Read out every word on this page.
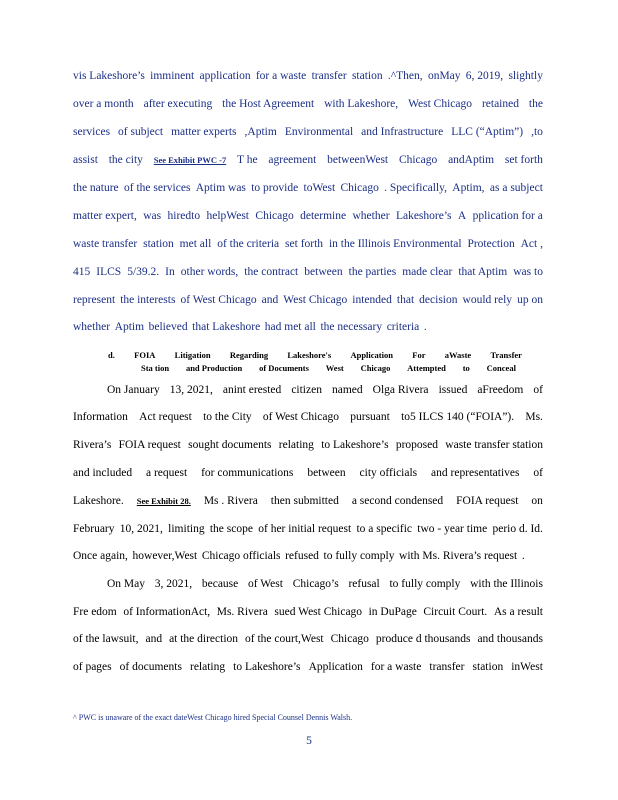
vis Lakeshore’s imminent application for a waste transfer station .^Then, onMay 6, 2019, slightly
over a month after executing the Host Agreement with Lakeshore, West Chicago retained the
services of subject matter experts ,Aptim Environmental and Infrastructure LLC (“Aptim”) ,to
assist the city See Exhibit PWC -7 T he agreement betweenWest Chicago andAptim set forth
the nature of the services Aptim was to provide toWest Chicago . Specifically, Aptim, as a subject
matter expert, was hiredto helpWest Chicago determine whether Lakeshore’s A pplication for a
waste transfer station met all of the criteria set forth in the Illinois Environmental Protection Act ,
415 ILCS 5/39.2. In other words, the contract between the parties made clear that Aptim was to
represent the interests of West Chicago and West Chicago intended that decision would rely up on
whether Aptim believed that Lakeshore had met all the necessary criteria .
d. FOIA Litigation Regarding Lakeshore's Application For aWaste Transfer
Sta tion and Production of Documents West Chicago Attempted to Conceal
On January 13, 2021, anint erested citizen named Olga Rivera issued aFreedom of
Information Act request to the City of West Chicago pursuant to5 ILCS 140 (“FOIA”). Ms.
Rivera’s FOIA request sought documents relating to Lakeshore’s proposed waste transfer station
and included a request for communications between city officials and representatives of
Lakeshore. See Exhibit 28. Ms . Rivera then submitted a second condensed FOIA request on
February 10, 2021, limiting the scope of her initial request to a specific two - year time perio d. Id.
Once again, however,West Chicago officials refused to fully comply with Ms. Rivera’s request .
On May 3, 2021, because of West Chicago’s refusal to fully comply with the Illinois
Fre edom of InformationAct, Ms. Rivera sued West Chicago in DuPage Circuit Court. As a result
of the lawsuit, and at the direction of the court,West Chicago produce d thousands and thousands
of pages of documents relating to Lakeshore’s Application for a waste transfer station inWest
^ PWC is unaware of the exact dateWest Chicago hired Special Counsel Dennis Walsh.
5
